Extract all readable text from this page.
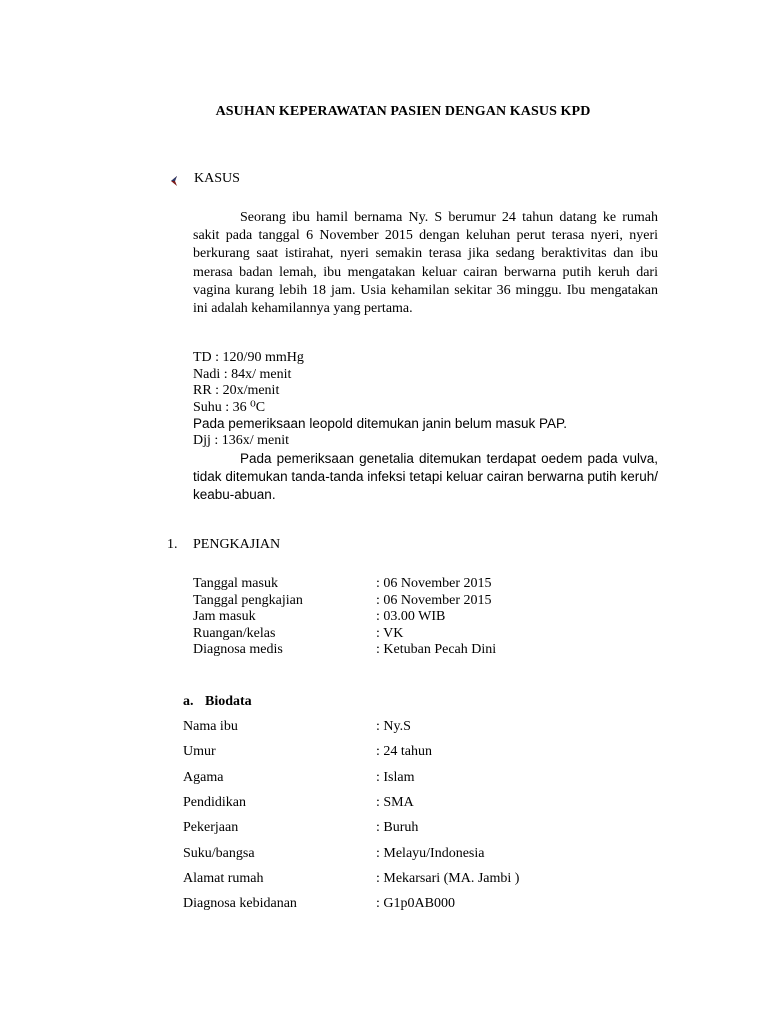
ASUHAN KEPERAWATAN PASIEN DENGAN KASUS KPD
KASUS
Seorang ibu hamil bernama Ny. S berumur 24 tahun datang ke rumah sakit pada tanggal 6 November 2015 dengan keluhan perut terasa nyeri, nyeri berkurang saat istirahat, nyeri semakin terasa jika sedang beraktivitas dan ibu merasa badan lemah, ibu mengatakan keluar cairan berwarna putih keruh dari vagina kurang lebih 18 jam. Usia kehamilan sekitar 36 minggu. Ibu mengatakan ini adalah kehamilannya yang pertama.
TD : 120/90 mmHg
Nadi : 84x/ menit
RR : 20x/menit
Suhu : 36 ⁰C
Pada pemeriksaan leopold ditemukan janin belum masuk PAP.
Djj : 136x/ menit
Pada pemeriksaan genetalia ditemukan terdapat oedem pada vulva, tidak ditemukan tanda-tanda infeksi tetapi keluar cairan berwarna putih keruh/ keabu-abuan.
1. PENGKAJIAN
Tanggal masuk	: 06 November 2015
Tanggal pengkajian	: 06 November 2015
Jam masuk	: 03.00 WIB
Ruangan/kelas	: VK
Diagnosa medis	: Ketuban Pecah Dini
a. Biodata
Nama ibu	: Ny.S
Umur	: 24 tahun
Agama	: Islam
Pendidikan	: SMA
Pekerjaan	: Buruh
Suku/bangsa	: Melayu/Indonesia
Alamat rumah	: Mekarsari (MA. Jambi )
Diagnosa kebidanan	: G1p0AB000
